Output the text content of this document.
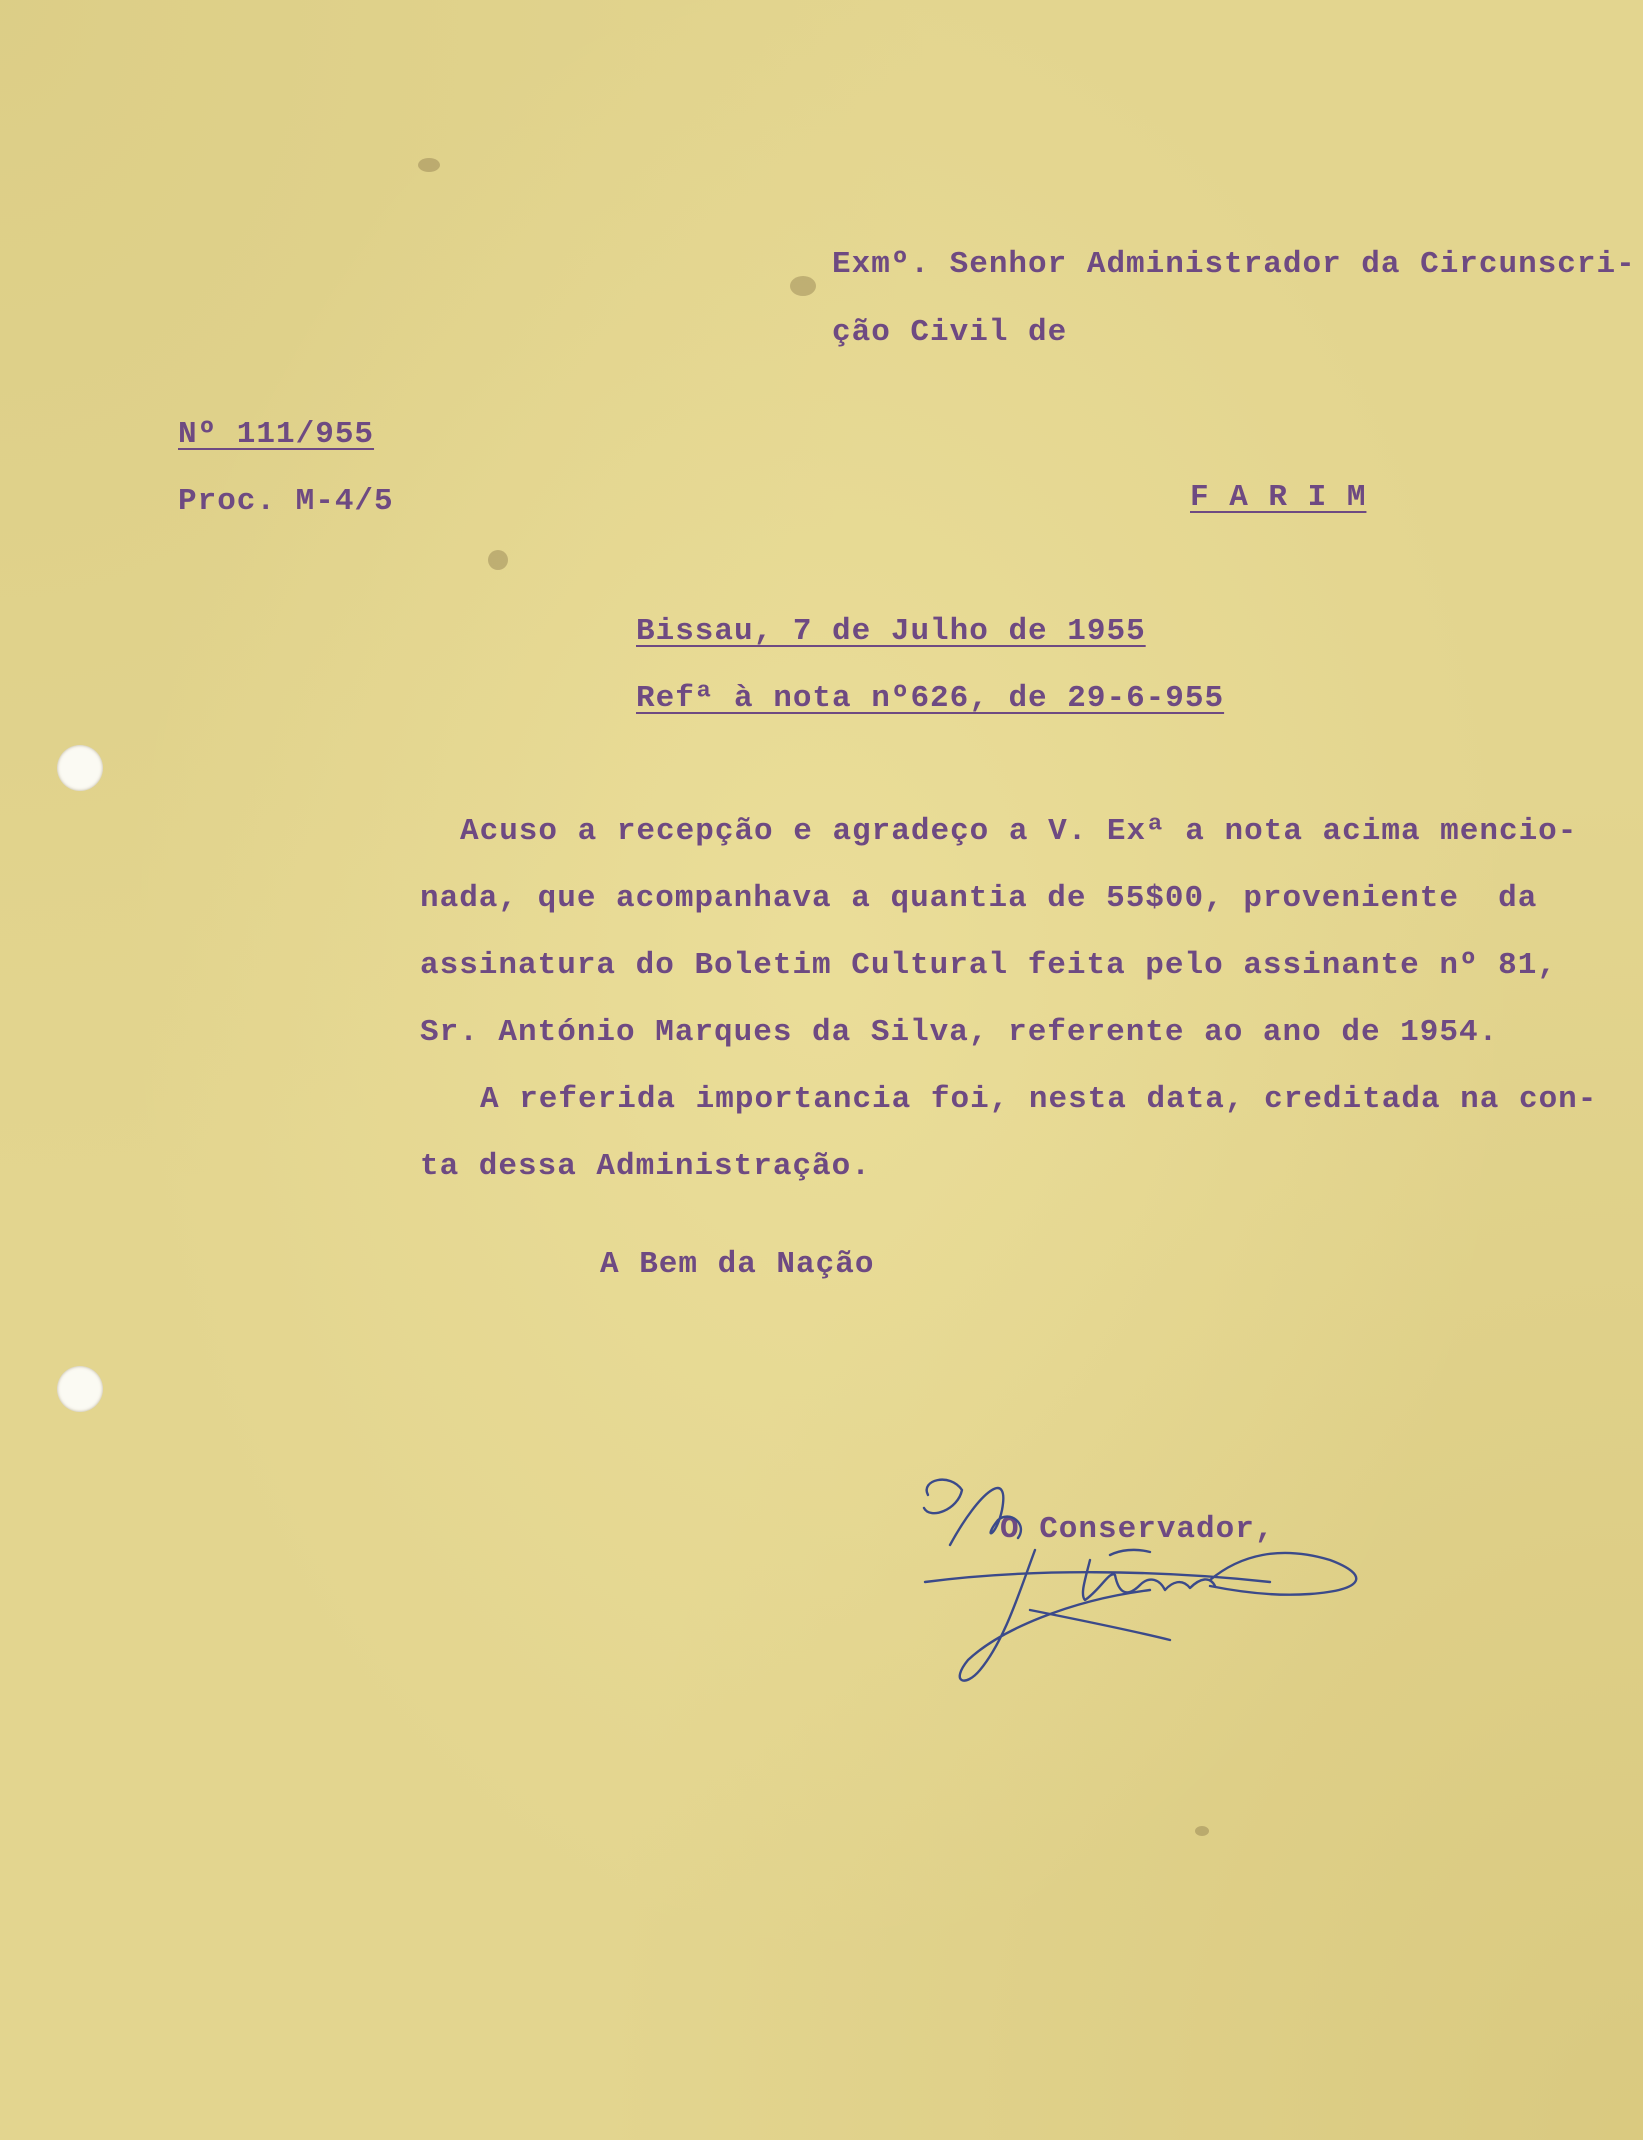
Exmº. Senhor Administrador da Circunscri-
ção Civil de
Nº 111/955
Proc. M-4/5	F A R I M
Bissau, 7 de Julho de 1955
Refª à nota nº626, de 29-6-955
Acuso a recepção e agradeço a V. Exª a nota acima mencio-
nada, que acompanhava a quantia de 55$00, proveniente  da
assinatura do Boletim Cultural feita pelo assinante nº 81,
Sr. António Marques da Silva, referente ao ano de 1954.
A referida importancia foi, nesta data, creditada na con-
ta dessa Administração.
A Bem da Nação
O Conservador,
